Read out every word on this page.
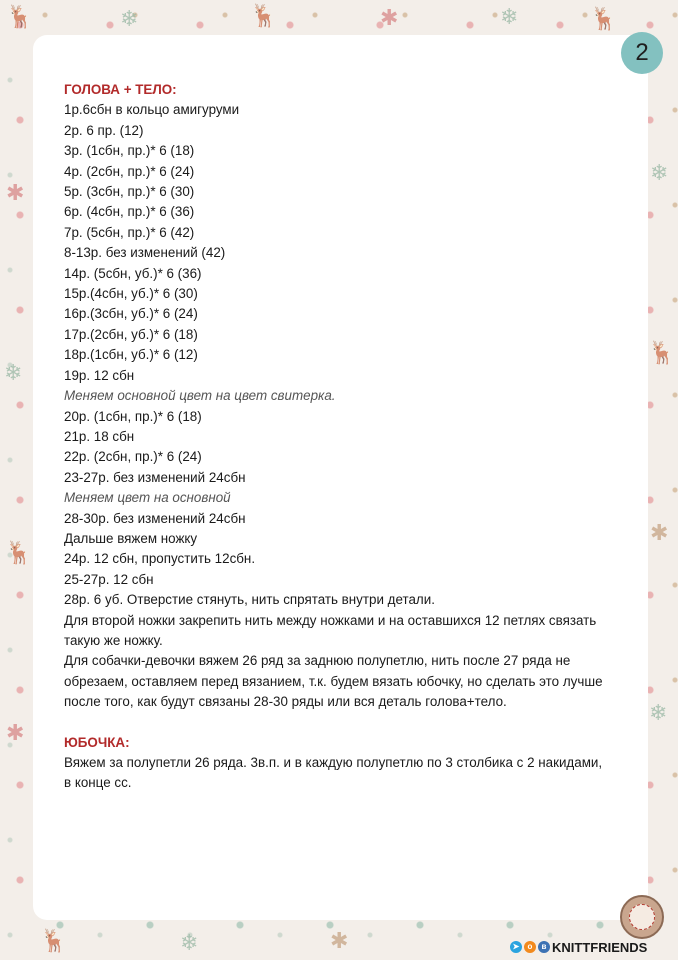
🦌	❄	🦌	✱	❄	🦌
✱
❄
🦌
✱
❄
🦌
✱
❄
🦌	❄	✱
2
ГОЛОВА + ТЕЛО:
1р.6сбн в кольцо амигуруми
2р. 6 пр. (12)
3р. (1сбн, пр.)* 6 (18)
4р. (2сбн, пр.)* 6 (24)
5р. (3сбн, пр.)* 6 (30)
6р. (4сбн, пр.)* 6 (36)
7р. (5сбн, пр.)* 6 (42)
8-13р. без изменений (42)
14р. (5сбн, уб.)* 6 (36)
15р.(4сбн, уб.)* 6 (30)
16р.(3сбн, уб.)* 6 (24)
17р.(2сбн, уб.)* 6 (18)
18р.(1сбн, уб.)* 6 (12)
19р. 12 сбн
Меняем основной цвет на цвет свитерка.
20р. (1сбн, пр.)* 6 (18)
21р. 18 сбн
22р. (2сбн, пр.)* 6 (24)
23-27р. без изменений 24сбн
Меняем цвет на основной
28-30р. без изменений 24сбн
Дальше вяжем ножку
24р. 12 сбн, пропустить 12сбн.
25-27р. 12 сбн
28р. 6 уб. Отверстие стянуть, нить спрятать внутри детали.
Для второй ножки закрепить нить между ножками и на оставшихся 12 петлях связать
такую же ножку.
Для собачки-девочки вяжем 26 ряд за заднюю полупетлю, нить после 27 ряда не
обрезаем, оставляем перед вязанием, т.к. будем вязать юбочку, но сделать это лучше
после того, как будут связаны 28-30 ряды или вся деталь голова+тело.
ЮБОЧКА:
Вяжем за полупетли 26 ряда. 3в.п. и в каждую полупетлю по 3 столбика с 2 накидами,
в конце сс.
➤	о	в KNITTFRIENDS
